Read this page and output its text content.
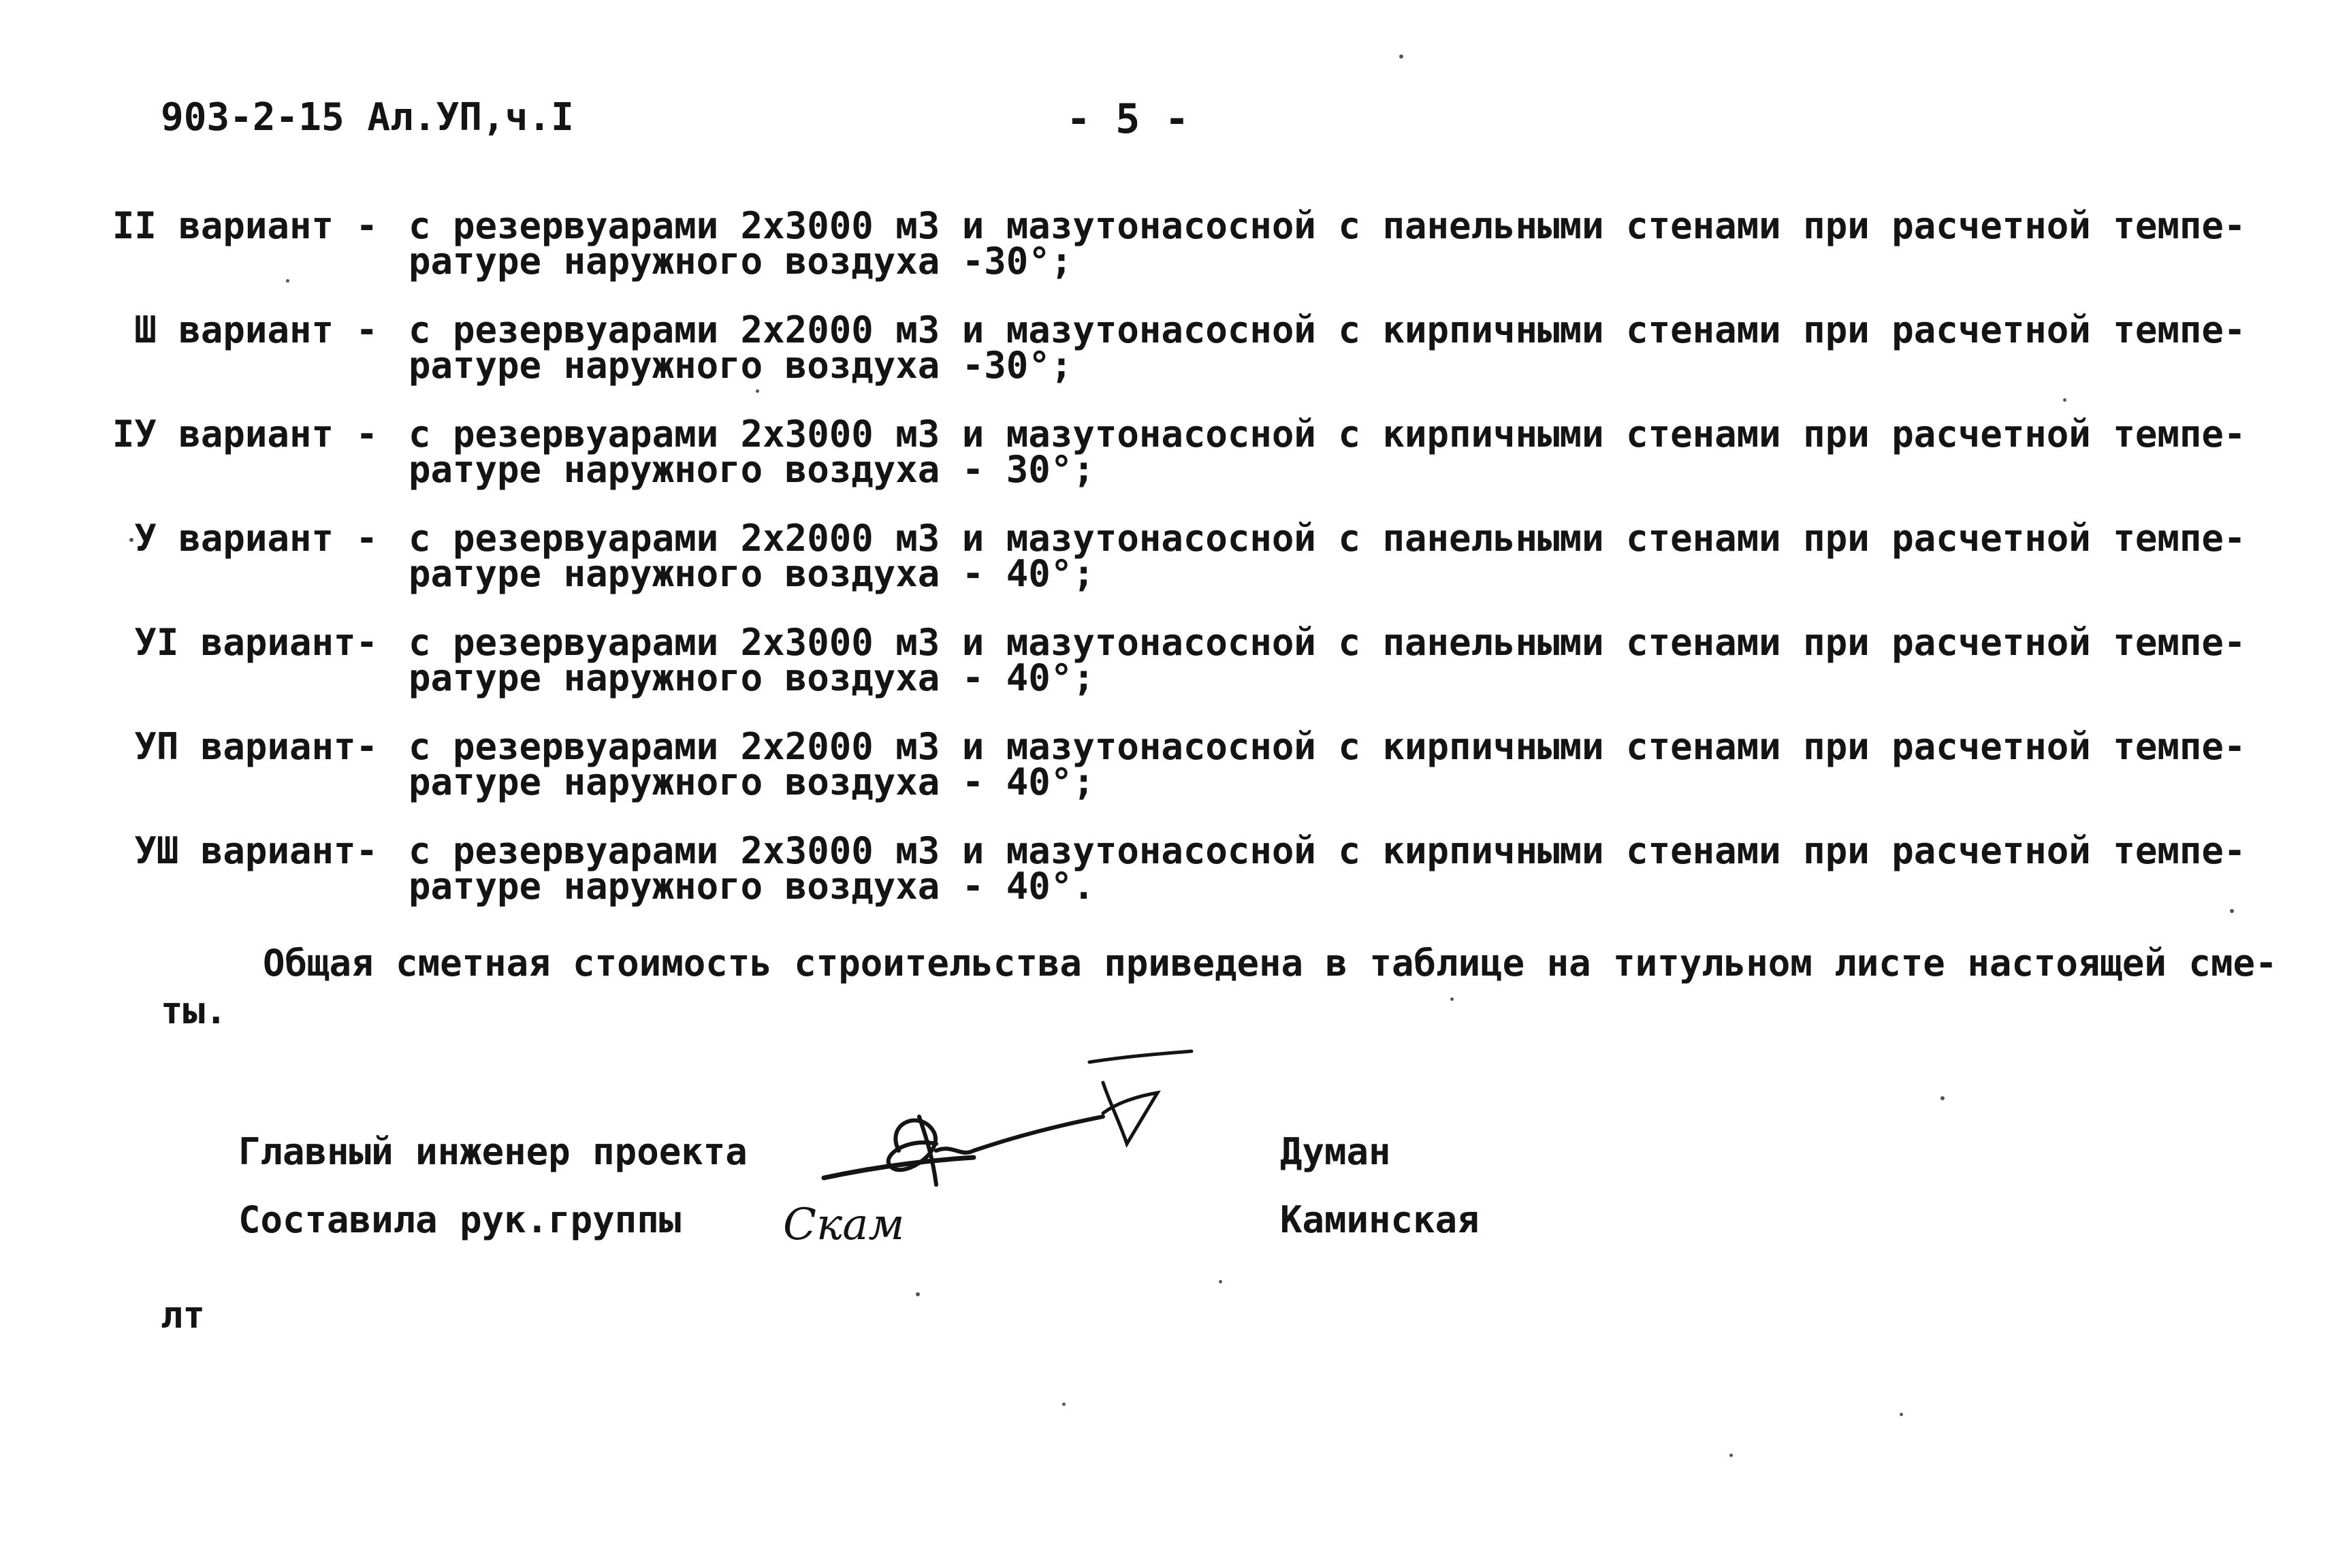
903-2-15 Ал.УП,ч.I	- 5 -
II вариант - с резервуарами 2х3000 м3 и мазутонасосной с панельными стенами при расчетной темпе-
ратуре наружного воздуха -30°;
Ш вариант - с резервуарами 2х2000 м3 и мазутонасосной с кирпичными стенами при расчетной темпе-
ратуре наружного воздуха -30°;
IУ вариант - с резервуарами 2х3000 м3 и мазутонасосной с кирпичными стенами при расчетной темпе-
ратуре наружного воздуха - 30°;
У вариант - с резервуарами 2х2000 м3 и мазутонасосной с панельными стенами при расчетной темпе-
ратуре наружного воздуха - 40°;
УI вариант- с резервуарами 2х3000 м3 и мазутонасосной с панельными стенами при расчетной темпе-
ратуре наружного воздуха - 40°;
УП вариант- с резервуарами 2х2000 м3 и мазутонасосной с кирпичными стенами при расчетной темпе-
ратуре наружного воздуха - 40°;
УШ вариант- с резервуарами 2х3000 м3 и мазутонасосной с кирпичными стенами при расчетной темпе-
ратуре наружного воздуха - 40°.
Общая сметная стоимость строительства приведена в таблице на титульном листе настоящей сме-
ты.
Главный инженер проекта	Думан
Составила рук.группы Скам	Каминская
лт
